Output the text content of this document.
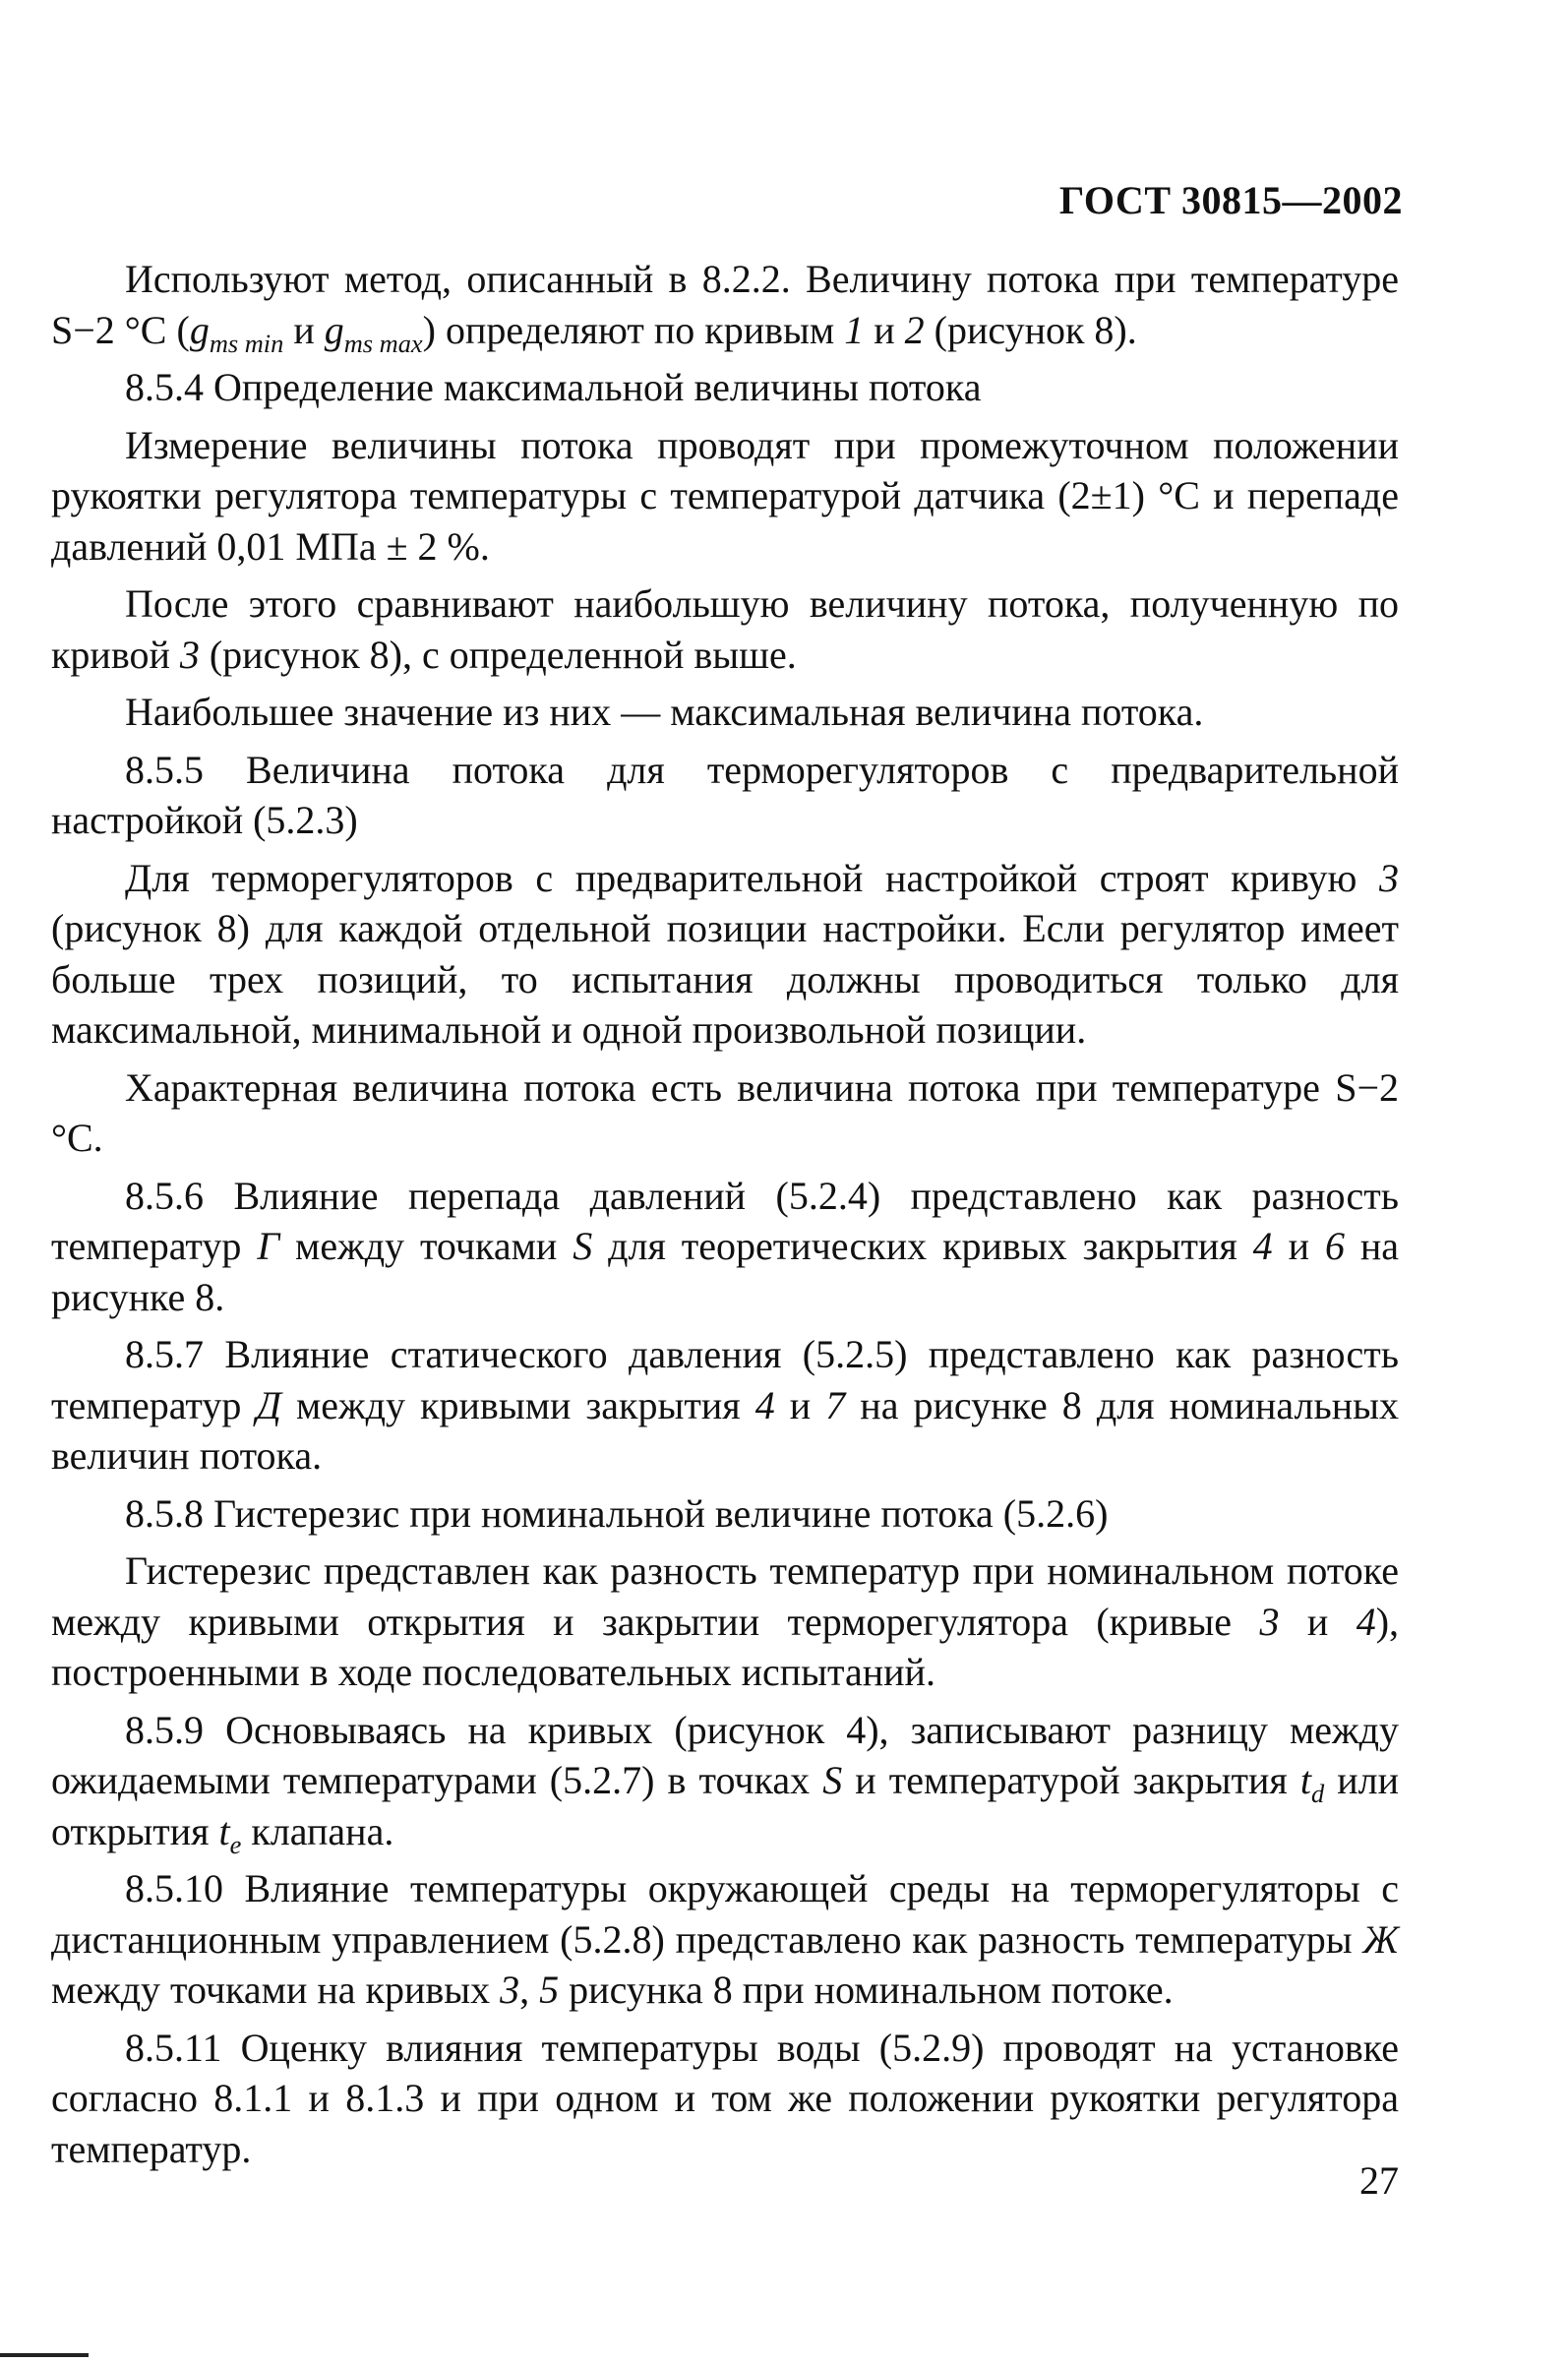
ГОСТ 30815—2002

Используют метод, описанный в 8.2.2. Величину потока при температуре S−2 °C ($g_{ms min}$ и $g_{ms max}$) определяют по кривым 1 и 2 (рисунок 8).

8.5.4 Определение максимальной величины потока

Измерение величины потока проводят при промежуточном положении рукоятки регулятора температуры с температурой датчика (2±1) °С и перепаде давлений 0,01 МПа ± 2 %.

После этого сравнивают наибольшую величину потока, полученную по кривой 3 (рисунок 8), с определенной выше.

Наибольшее значение из них — максимальная величина потока.

8.5.5 Величина потока для терморегуляторов с предварительной настройкой (5.2.3)

Для терморегуляторов с предварительной настройкой строят кривую 3 (рисунок 8) для каждой отдельной позиции настройки. Если регулятор имеет больше трех позиций, то испытания должны проводиться только для максимальной, минимальной и одной произвольной позиции.

Характерная величина потока есть величина потока при температуре S−2 °C.

8.5.6 Влияние перепада давлений (5.2.4) представлено как разность температур Г между точками S для теоретических кривых закрытия 4 и 6 на рисунке 8.

8.5.7 Влияние статического давления (5.2.5) представлено как разность температур Д между кривыми закрытия 4 и 7 на рисунке 8 для номинальных величин потока.

8.5.8 Гистерезис при номинальной величине потока (5.2.6)

Гистерезис представлен как разность температур при номинальном потоке между кривыми открытия и закрытии терморегулятора (кривые 3 и 4), построенными в ходе последовательных испытаний.

8.5.9 Основываясь на кривых (рисунок 4), записывают разницу между ожидаемыми температурами (5.2.7) в точках S и температурой закрытия $t_d$ или открытия $t_e$ клапана.

8.5.10 Влияние температуры окружающей среды на терморегуляторы с дистанционным управлением (5.2.8) представлено как разность температуры Ж между точками на кривых 3, 5 рисунка 8 при номинальном потоке.

8.5.11 Оценку влияния температуры воды (5.2.9) проводят на установке согласно 8.1.1 и 8.1.3 и при одном и том же положении рукоятки регулятора температур.

27
